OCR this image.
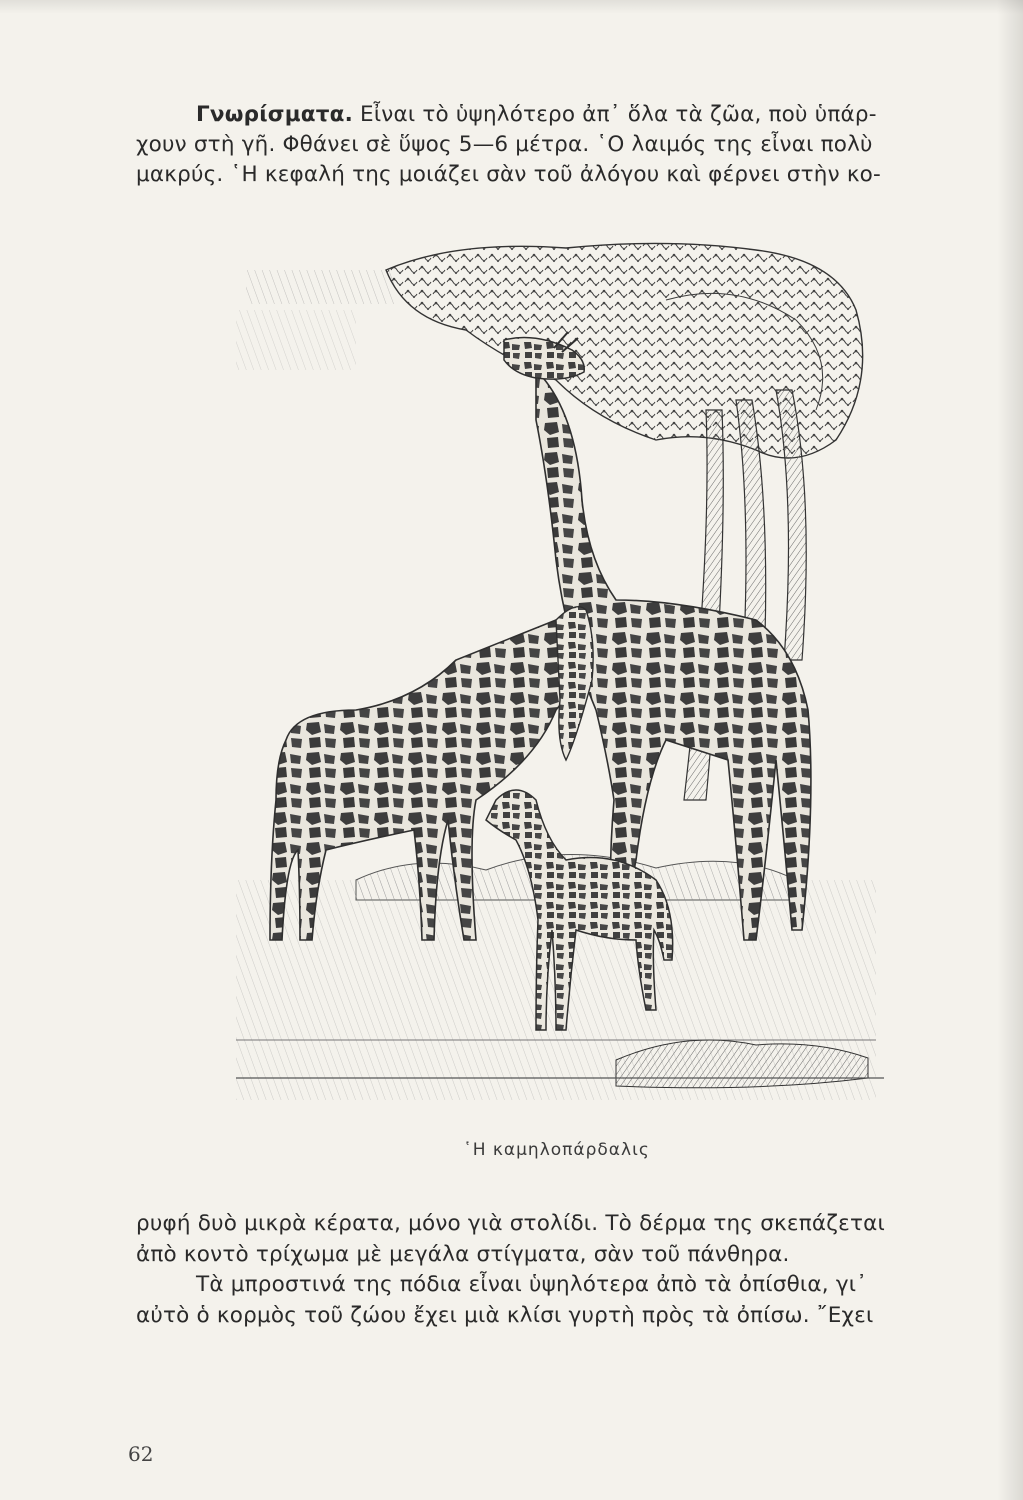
Γνωρίσματα. Εἶναι τὸ ὑψηλότερο ἀπ᾿ ὅλα τὰ ζῶα, ποὺ ὑπάρ-
χουν στὴ γῆ. Φθάνει σὲ ὕψος 5—6 μέτρα. ῾Ο λαιμός της εἶναι πολὺ
μακρύς. ῾Η κεφαλή της μοιάζει σὰν τοῦ ἀλόγου καὶ φέρνει στὴν κο-
῾Η καμηλοπάρδαλις
ρυφή δυὸ μικρὰ κέρατα, μόνο γιὰ στολίδι. Τὸ δέρμα της σκεπάζεται
ἀπὸ κοντὸ τρίχωμα μὲ μεγάλα στίγματα, σὰν τοῦ πάνθηρα.
Τὰ μπροστινά της πόδια εἶναι ὑψηλότερα ἀπὸ τὰ ὀπίσθια, γι᾿
αὐτὸ ὁ κορμὸς τοῦ ζώου ἔχει μιὰ κλίσι γυρτὴ πρὸς τὰ ὀπίσω. ῎Εχει
62
